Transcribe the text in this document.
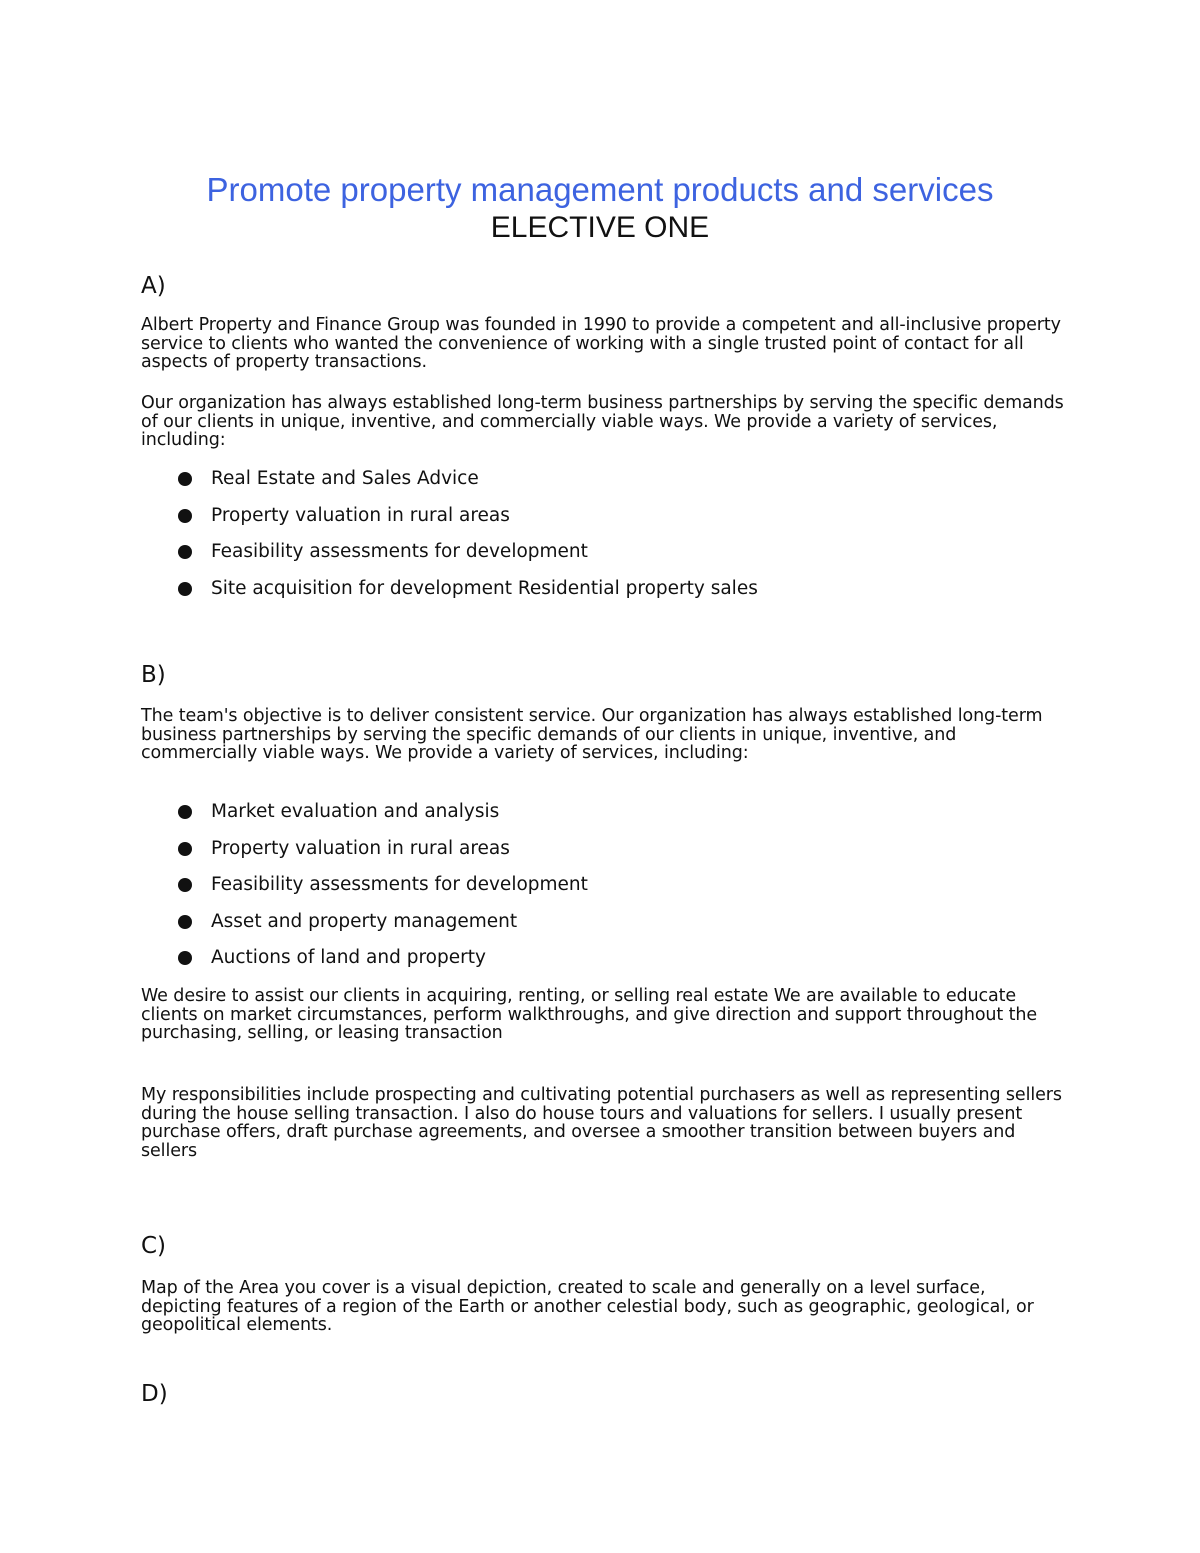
Promote property management products and services
ELECTIVE ONE
A)

Albert Property and Finance Group was founded in 1990 to provide a competent and all-inclusive property service to clients who wanted the convenience of working with a single trusted point of contact for all aspects of property transactions.

Our organization has always established long-term business partnerships by serving the specific demands of our clients in unique, inventive, and commercially viable ways. We provide a variety of services, including:

Real Estate and Sales Advice
Property valuation in rural areas
Feasibility assessments for development
Site acquisition for development Residential property sales
B)

The team's objective is to deliver consistent service. Our organization has always established long-term business partnerships by serving the specific demands of our clients in unique, inventive, and commercially viable ways. We provide a variety of services, including:

Market evaluation and analysis
Property valuation in rural areas
Feasibility assessments for development
Asset and property management
Auctions of land and property

We desire to assist our clients in acquiring, renting, or selling real estate We are available to educate clients on market circumstances, perform walkthroughs, and give direction and support throughout the purchasing, selling, or leasing transaction

My responsibilities include prospecting and cultivating potential purchasers as well as representing sellers during the house selling transaction. I also do house tours and valuations for sellers. I usually present purchase offers, draft purchase agreements, and oversee a smoother transition between buyers and sellers

C)

Map of the Area you cover is a visual depiction, created to scale and generally on a level surface, depicting features of a region of the Earth or another celestial body, such as geographic, geological, or geopolitical elements.

D)
